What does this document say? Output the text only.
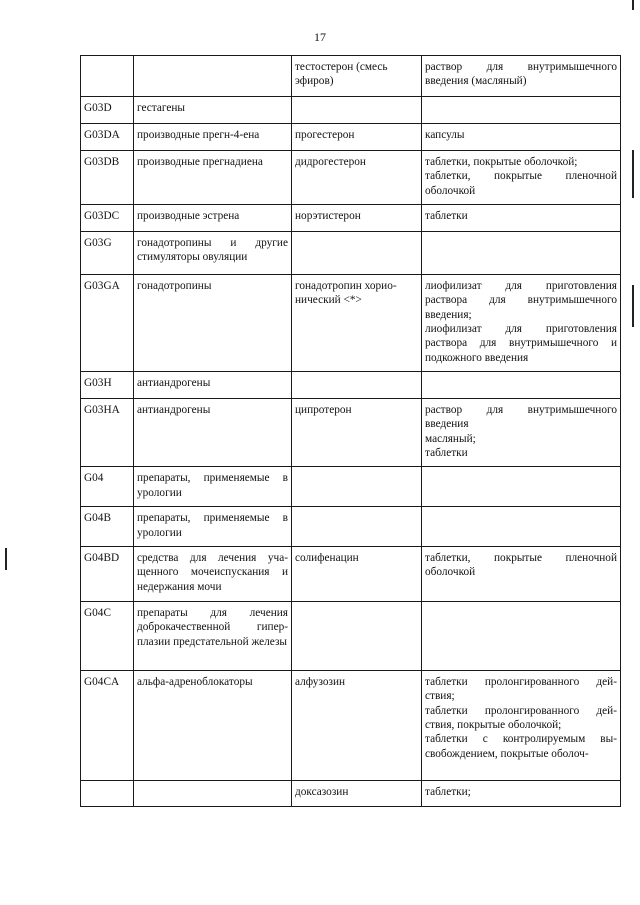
17
		тестостерон (смесь эфиров)	раствор для внутримышечного введения (масляный)

G03D	гестагены		
G03DA	производные прегн-4-ена	прогестерон	капсулы

G03DB	производные прегнадиена	дидрогестерон	таблетки, покрытые оболочкой;
таблетки, покрытые пленочной оболочкой

G03DC	производные эстрена	норэтистерон	таблетки

G03G	гонадотропины и другие стимуляторы овуляции		
G03GA	гонадотропины	гонадотропин хорио-нический <*>	лиофилизат для приготовления раствора для внутримышечного введения;
лиофилизат для приготовления раствора для внутримышечного и подкожного введения

G03H	антиандрогены		
G03HA	антиандрогены	ципротерон	раствор для внутримышечного введения
масляный;
таблетки

G04	препараты, применяемые в урологии		
G04B	препараты, применяемые в урологии		
G04BD	средства для лечения уча-щенного мочеиспускания и недержания мочи	солифенацин	таблетки, покрытые пленочной оболочкой

G04C	препараты для лечения доброкачественной гипер-плазии предстательной железы		
G04CA	альфа-адреноблокаторы	алфузозин	таблетки пролонгированного дей-ствия;
таблетки пролонгированного дей-ствия, покрытые оболочкой;
таблетки с контролируемым вы-свобождением, покрытые оболоч-

		доксазозин	таблетки;
